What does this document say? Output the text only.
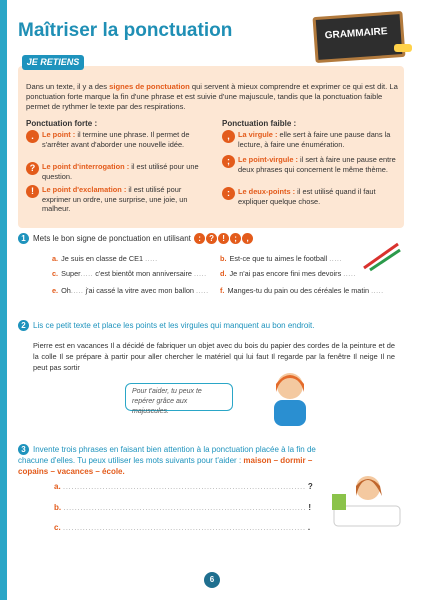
Maîtriser la ponctuation	GRAMMAIRE
JE RETIENS
Dans un texte, il y a des signes de ponctuation qui servent à mieux comprendre et exprimer ce qui est dit. La ponctuation forte marque la fin d'une phrase et est suivie d'une majuscule, tandis que la ponctuation faible permet de rythmer le texte par des respirations.
Ponctuation forte :	Ponctuation faible :
.	Le point : il termine une phrase. Il permet de s'arrêter avant d'aborder une nouvelle idée.
? Le point d'interrogation : il est utilisé pour une question.
!	Le point d'exclamation : il est utilisé pour exprimer un ordre, une surprise, une joie, un malheur.
,	La virgule : elle sert à faire une pause dans la lecture, à faire une énumération.
;	Le point-virgule : il sert à faire une pause entre deux phrases qui concernent le même thème.
:	Le deux-points : il est utilisé quand il faut expliquer quelque chose.
1 Mets le bon signe de ponctuation en utilisant : ? ! ; ,
a. Je suis en classe de CE1 .....	b. Est-ce que tu aimes le football .....
c. Super..... c'est bientôt mon anniversaire ..... d. Je n'ai pas encore fini mes devoirs .....
e. Oh..... j'ai cassé la vitre avec mon ballon ..... f. Manges-tu du pain ou des céréales le matin .....
2 Lis ce petit texte et place les points et les virgules qui manquent au bon endroit.
Pierre est en vacances Il a décidé de fabriquer un objet avec du bois du papier des cordes de la peinture et de la colle Il se prépare à partir pour aller chercher le matériel qui lui faut Il regarde par la fenêtre Il neige Il ne peut pas sortir
Pour t'aider, tu peux te repérer grâce aux majuscules.
3 Invente trois phrases en faisant bien attention à la ponctuation placée à la fin de chacune d'elles. Tu peux utiliser les mots suivants pour t'aider : maison – dormir – copains – vacances – école.
a. ...................................................................................... ?
b. ...................................................................................... !
c. ...................................................................................... .
6
